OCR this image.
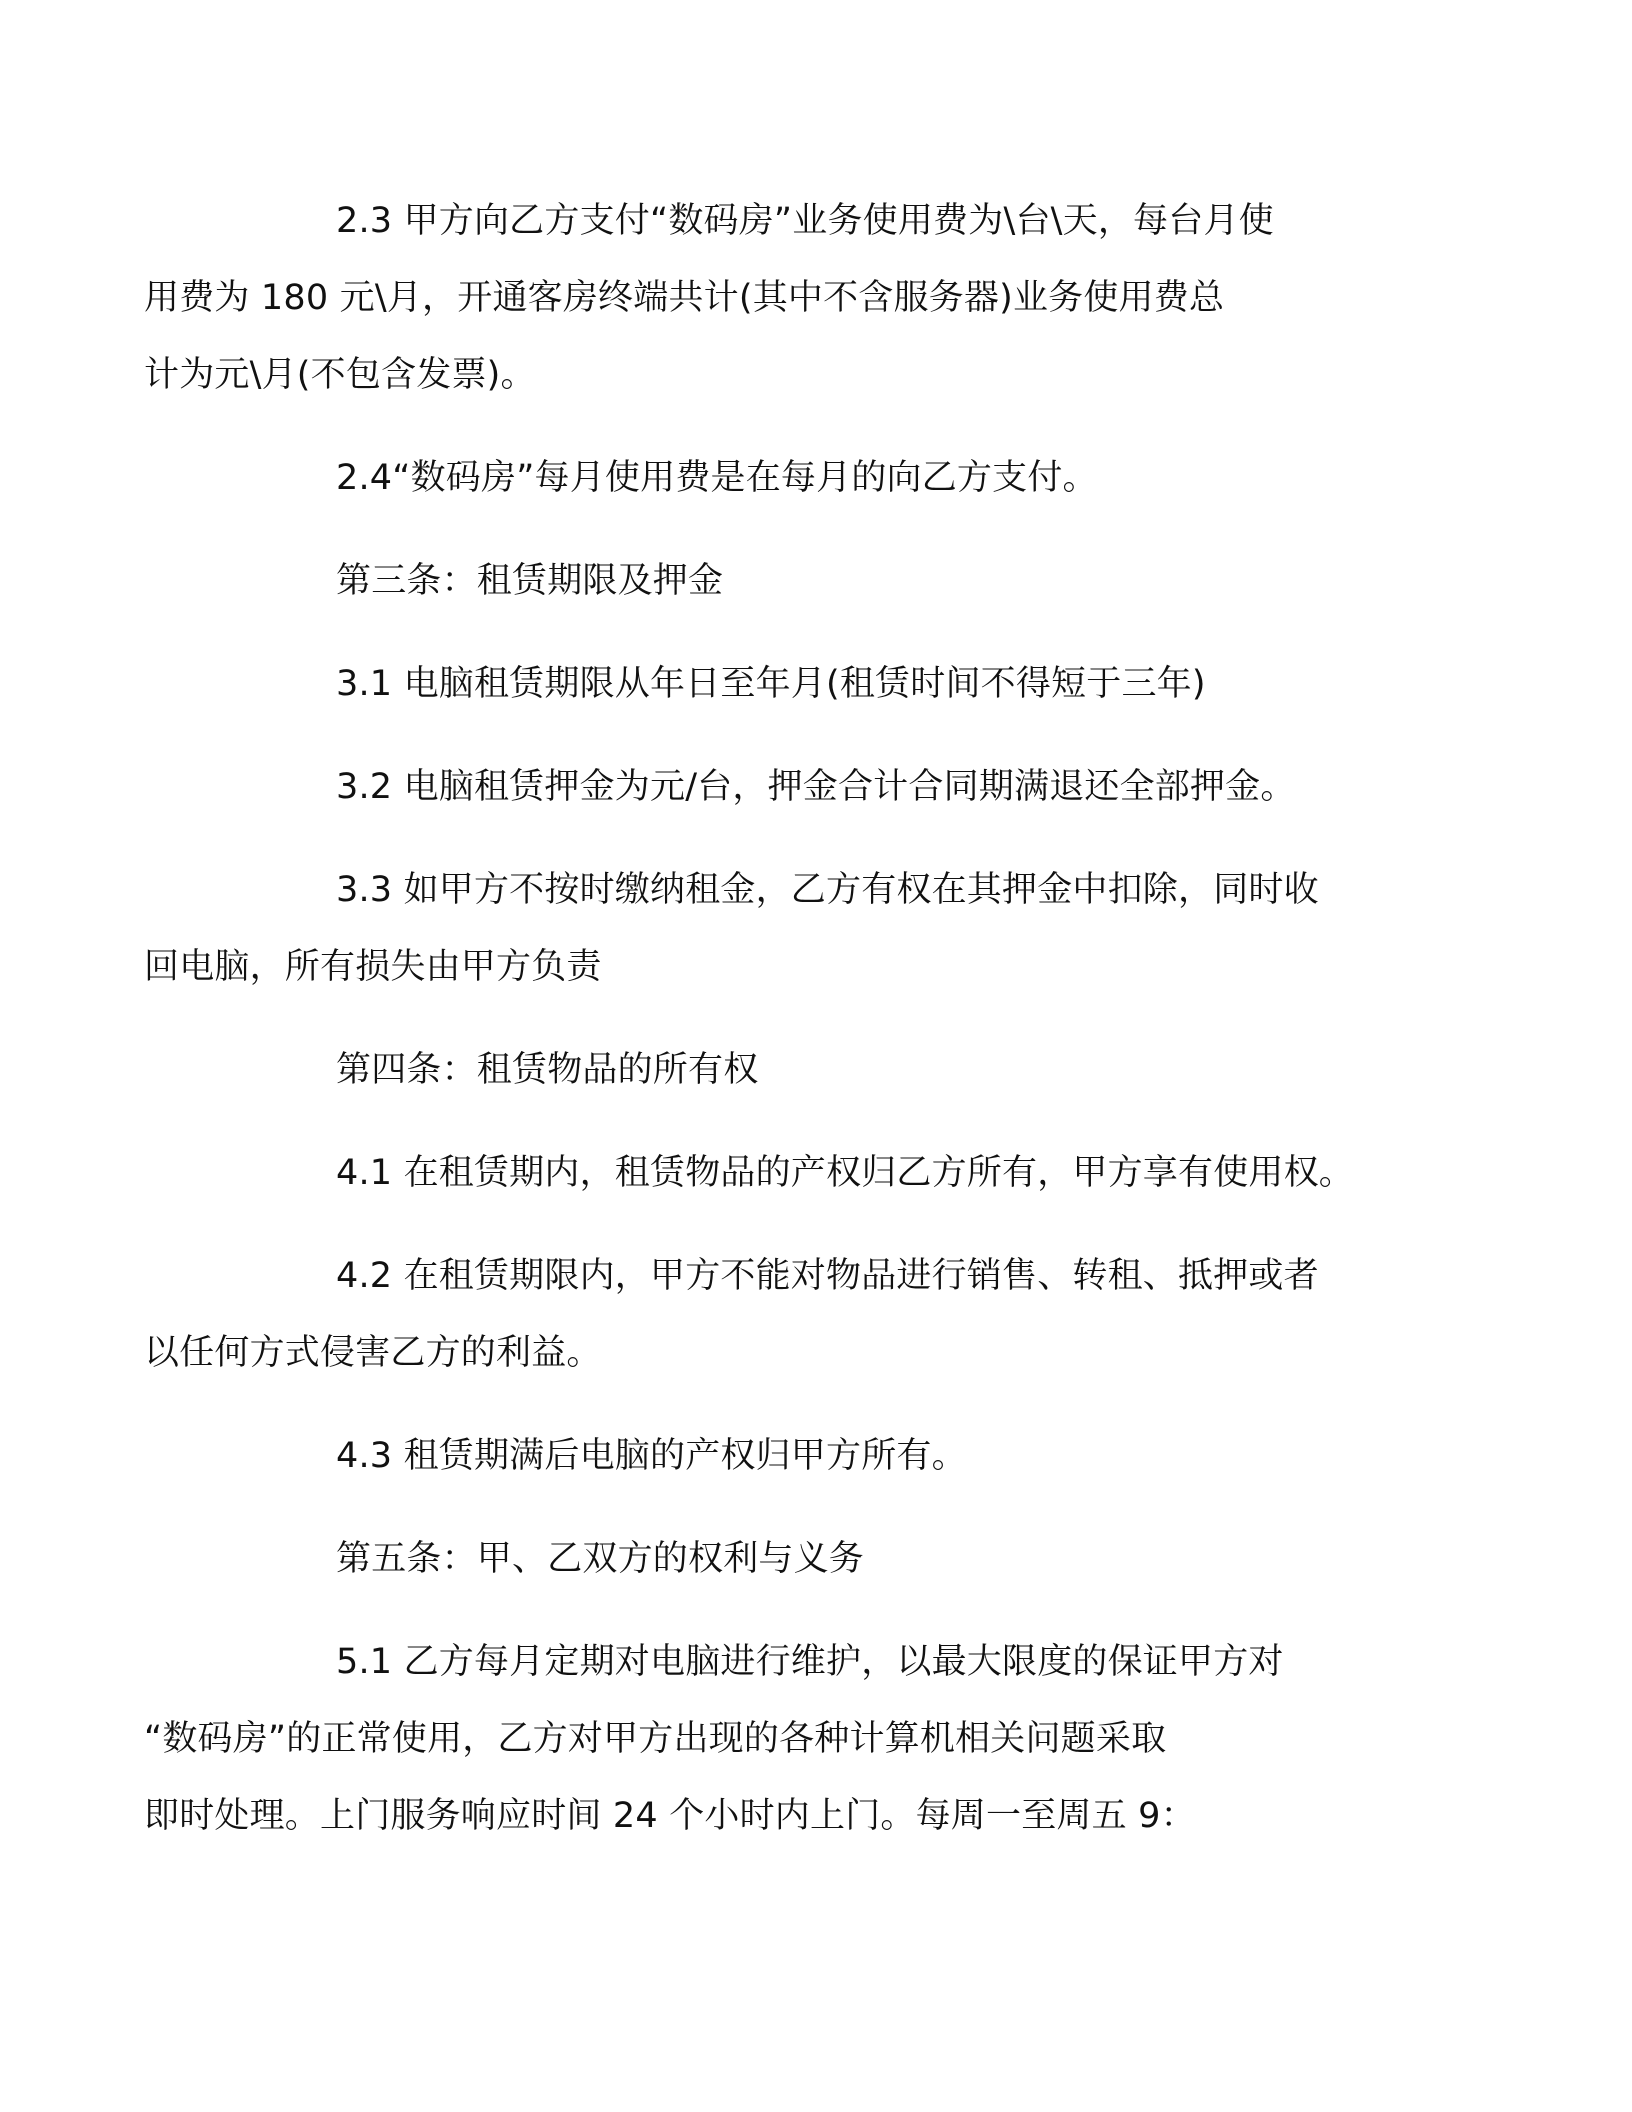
2.3 甲方向乙方支付“数码房”业务使用费为\台\天，每台月使
用费为 180 元\月，开通客房终端共计(其中不含服务器)业务使用费总
计为元\月(不包含发票)。

2.4“数码房”每月使用费是在每月的向乙方支付。

第三条：租赁期限及押金

3.1 电脑租赁期限从年日至年月(租赁时间不得短于三年)

3.2 电脑租赁押金为元/台，押金合计合同期满退还全部押金。

3.3 如甲方不按时缴纳租金，乙方有权在其押金中扣除，同时收
回电脑，所有损失由甲方负责

第四条：租赁物品的所有权

4.1 在租赁期内，租赁物品的产权归乙方所有，甲方享有使用权。

4.2 在租赁期限内，甲方不能对物品进行销售、转租、抵押或者
以任何方式侵害乙方的利益。

4.3 租赁期满后电脑的产权归甲方所有。

第五条：甲、乙双方的权利与义务

5.1 乙方每月定期对电脑进行维护，以最大限度的保证甲方对
“数码房”的正常使用，乙方对甲方出现的各种计算机相关问题采取
即时处理。上门服务响应时间 24 个小时内上门。每周一至周五 9：
